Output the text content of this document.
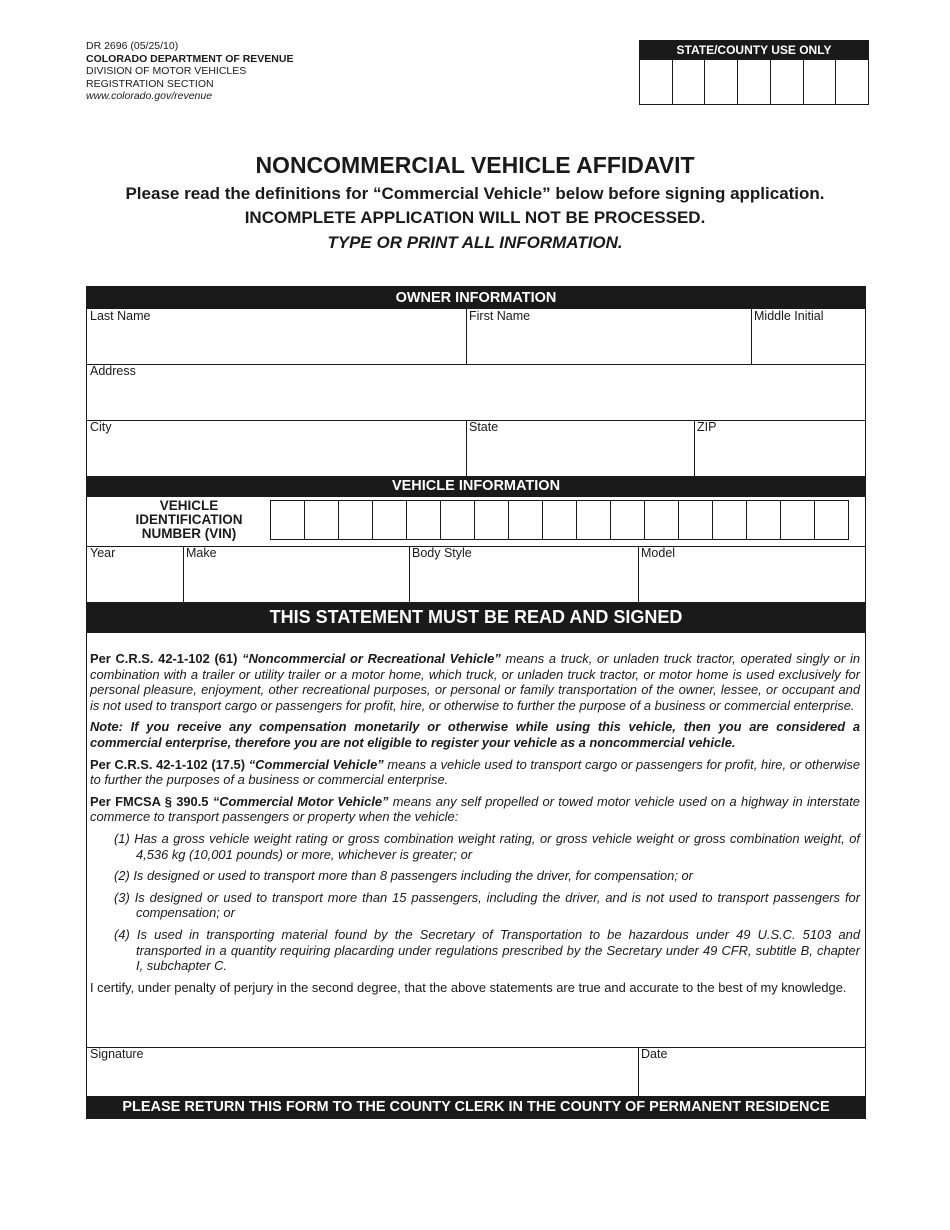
DR 2696 (05/25/10)
COLORADO DEPARTMENT OF REVENUE
DIVISION OF MOTOR VEHICLES
REGISTRATION SECTION
www.colorado.gov/revenue
STATE/COUNTY USE ONLY
NONCOMMERCIAL VEHICLE AFFIDAVIT
Please read the definitions for “Commercial Vehicle” below before signing application.
INCOMPLETE APPLICATION WILL NOT BE PROCESSED.
TYPE OR PRINT ALL INFORMATION.
OWNER INFORMATION
Last Name	First Name	Middle Initial
Address
City	State	ZIP
VEHICLE INFORMATION
VEHICLE
IDENTIFICATION
NUMBER (VIN)
Year	Make	Body Style	Model
THIS STATEMENT MUST BE READ AND SIGNED

Per C.R.S. 42-1-102 (61) “Noncommercial or Recreational Vehicle” means a truck, or unladen truck tractor, operated singly or in combination with a trailer or utility trailer or a motor home, which truck, or unladen truck tractor, or motor home is used exclusively for personal pleasure, enjoyment, other recreational purposes, or personal or family transportation of the owner, lessee, or occupant and is not used to transport cargo or passengers for profit, hire, or otherwise to further the purpose of a business or commercial enterprise.

Note: If you receive any compensation monetarily or otherwise while using this vehicle, then you are considered a commercial enterprise, therefore you are not eligible to register your vehicle as a noncommercial vehicle.

Per C.R.S. 42-1-102 (17.5) “Commercial Vehicle” means a vehicle used to transport cargo or passengers for profit, hire, or otherwise to further the purposes of a business or commercial enterprise.

Per FMCSA § 390.5 “Commercial Motor Vehicle” means any self propelled or towed motor vehicle used on a highway in interstate commerce to transport passengers or property when the vehicle:

(1) Has a gross vehicle weight rating or gross combination weight rating, or gross vehicle weight or gross combination weight, of 4,536 kg (10,001 pounds) or more, whichever is greater; or

(2) Is designed or used to transport more than 8 passengers including the driver, for compensation; or

(3) Is designed or used to transport more than 15 passengers, including the driver, and is not used to transport passengers for compensation; or

(4) Is used in transporting material found by the Secretary of Transportation to be hazardous under 49 U.S.C. 5103 and transported in a quantity requiring placarding under regulations prescribed by the Secretary under 49 CFR, subtitle B, chapter I, subchapter C.

I certify, under penalty of perjury in the second degree, that the above statements are true and accurate to the best of my knowledge.

Signature	Date
PLEASE RETURN THIS FORM TO THE COUNTY CLERK IN THE COUNTY OF PERMANENT RESIDENCE
